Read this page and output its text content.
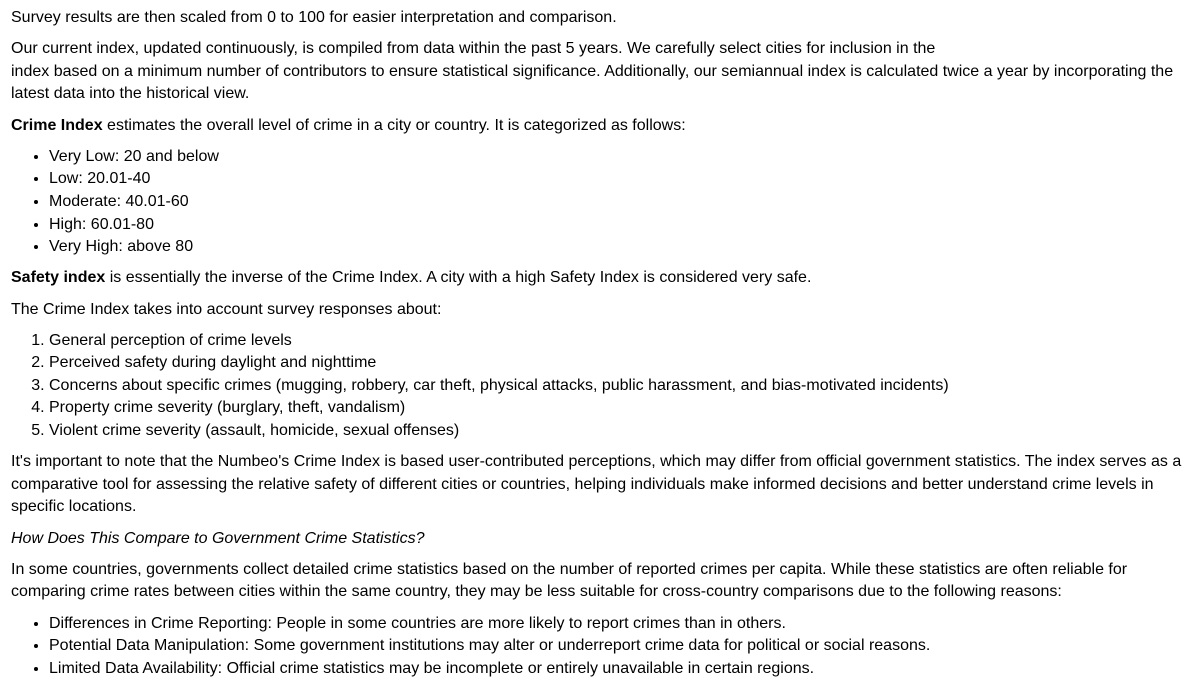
Survey results are then scaled from 0 to 100 for easier interpretation and comparison.

Our current index, updated continuously, is compiled from data within the past 5 years. We carefully select cities for inclusion in the
index based on a minimum number of contributors to ensure statistical significance. Additionally, our semiannual index is calculated twice a year by incorporating the latest data into the historical view.

Crime Index estimates the overall level of crime in a city or country. It is categorized as follows:

• Very Low: 20 and below
• Low: 20.01-40
• Moderate: 40.01-60
• High: 60.01-80
• Very High: above 80

Safety index is essentially the inverse of the Crime Index. A city with a high Safety Index is considered very safe.

The Crime Index takes into account survey responses about:

1. General perception of crime levels
2. Perceived safety during daylight and nighttime
3. Concerns about specific crimes (mugging, robbery, car theft, physical attacks, public harassment, and bias-motivated incidents)
4. Property crime severity (burglary, theft, vandalism)
5. Violent crime severity (assault, homicide, sexual offenses)

It's important to note that the Numbeo's Crime Index is based user-contributed perceptions, which may differ from official government statistics. The index serves as a comparative tool for assessing the relative safety of different cities or countries, helping individuals make informed decisions and better understand crime levels in specific locations.

How Does This Compare to Government Crime Statistics?

In some countries, governments collect detailed crime statistics based on the number of reported crimes per capita. While these statistics are often reliable for comparing crime rates between cities within the same country, they may be less suitable for cross-country comparisons due to the following reasons:

• Differences in Crime Reporting: People in some countries are more likely to report crimes than in others.
• Potential Data Manipulation: Some government institutions may alter or underreport crime data for political or social reasons.
• Limited Data Availability: Official crime statistics may be incomplete or entirely unavailable in certain regions.
